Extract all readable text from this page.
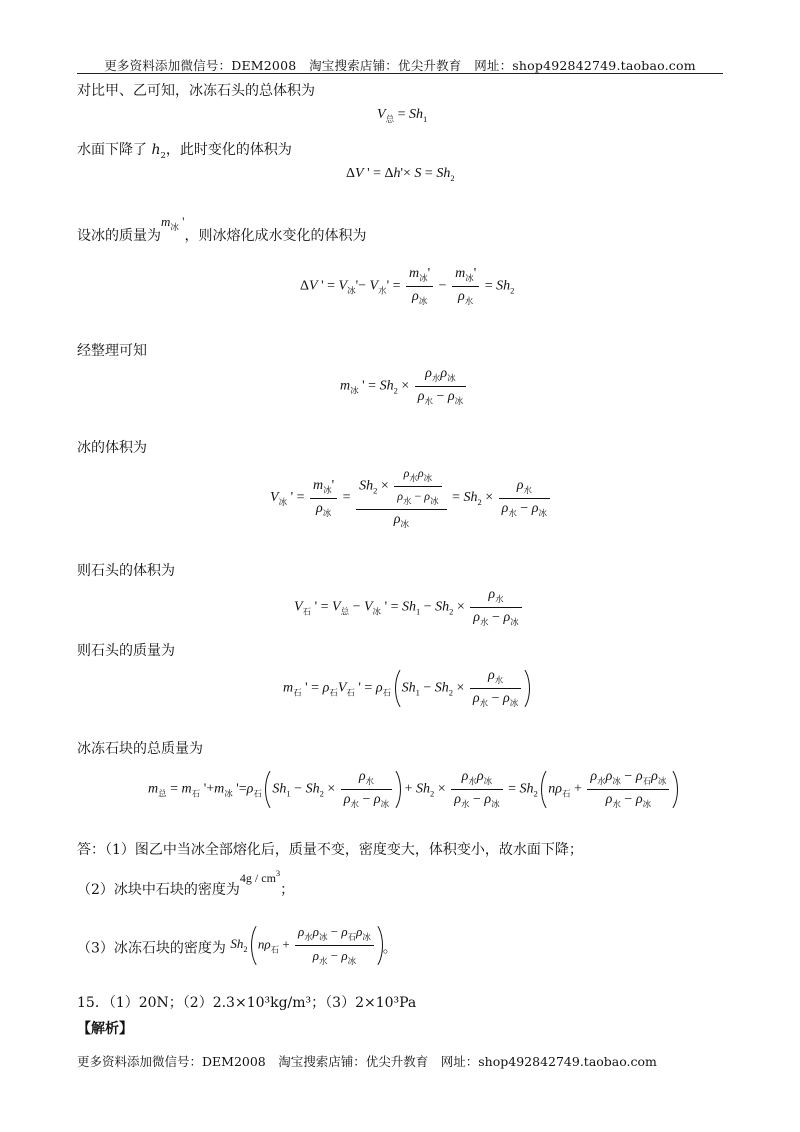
更多资料添加微信号：DEM2008　淘宝搜索店铺：优尖升教育　网址：shop492842749.taobao.com
对比甲、乙可知，冰冻石头的总体积为
$V_总 = Sh_1$
水面下降了 $h_2$，此时变化的体积为
ΔV ' = $\Delta h'\times S = Sh_2$
设冰的质量为$m_冰$ '，则冰熔化成水变化的体积为
ΔV ' = $V_冰'- V_水' = \frac{m_冰'}{\rho_冰} - \frac{m_冰'}{\rho_水} = Sh_2$
经整理可知
$m_冰$ ' = $Sh_2 \times \frac{\rho_水\rho_冰}{\rho_水 - \rho_冰}$
冰的体积为
$V_冰$ ' = $\frac{m_冰'}{\rho_冰} = \frac{Sh_2 \times \frac{\rho_水\rho_冰}{\rho_水 - \rho_冰}}{\rho_冰} = Sh_2 \times \frac{\rho_水}{\rho_水 - \rho_冰}$
则石头的体积为
$V_石$ ' = $V_总 - V_冰$ ' = $Sh_1 - Sh_2 \times \frac{\rho_水}{\rho_水 - \rho_冰}$
则石头的质量为
$m_石$ ' = $\rho_石V_石$ ' = $\rho_石$ $Sh_1 - Sh_2 \times \frac{\rho_水}{\rho_水 - \rho_冰}$
冰冻石块的总质量为
$m_总 = m_石$ '$+m_冰$ '$=\rho_石$ $Sh_1 - Sh_2 \times \frac{\rho_水}{\rho_水 - \rho_冰} + Sh_2 \times \frac{\rho_水\rho_冰}{\rho_水 - \rho_冰} = Sh_2$ $n\rho_石 + \frac{\rho_水\rho_冰 - \rho_石\rho_冰}{\rho_水 - \rho_冰}$
答：（1）图乙中当冰全部熔化后，质量不变，密度变大，体积变小，故水面下降；
（2）冰块中石块的密度为$4g / cm^3$；
（3）冰冻石块的密度为 $Sh_2$ $n\rho_石 + \frac{\rho_水\rho_冰 - \rho_石\rho_冰}{\rho_水 - \rho_冰}$ 。
15．（1）20N；（2）2.3×10³kg/m³；（3）2×10³Pa
【解析】
更多资料添加微信号：DEM2008　淘宝搜索店铺：优尖升教育　网址：shop492842749.taobao.com
